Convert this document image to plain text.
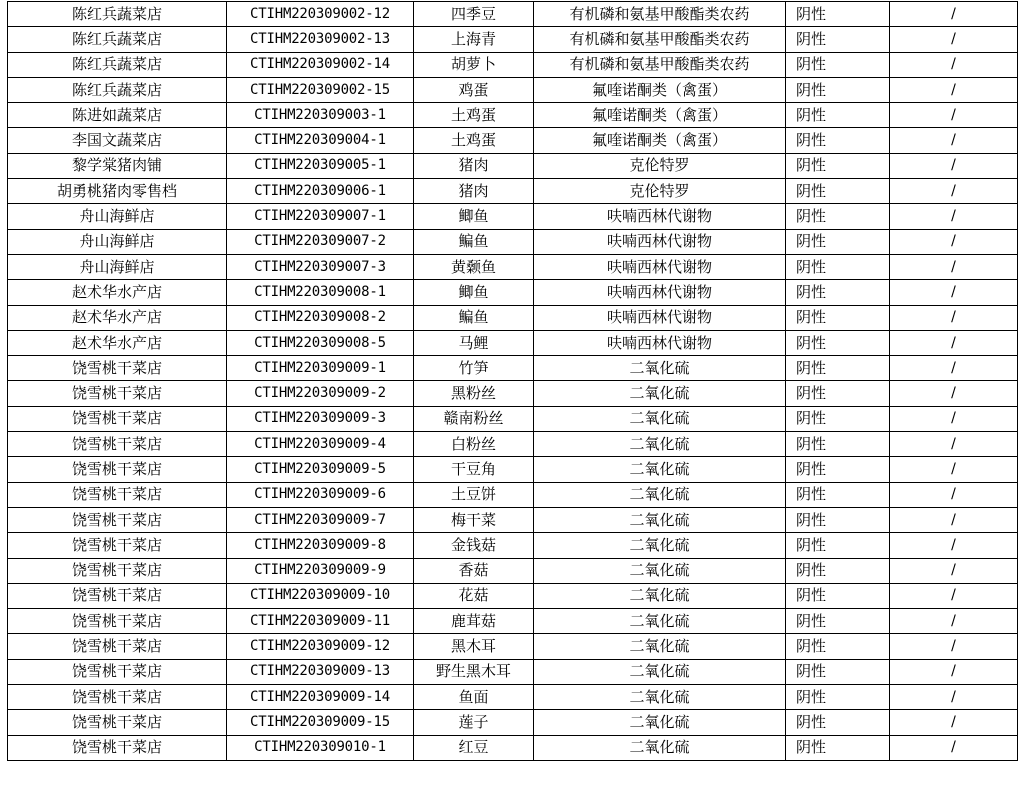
陈红兵蔬菜店	CTIHM220309002-12	四季豆	有机磷和氨基甲酸酯类农药	阴性	/
陈红兵蔬菜店	CTIHM220309002-13	上海青	有机磷和氨基甲酸酯类农药	阴性	/
陈红兵蔬菜店	CTIHM220309002-14	胡萝卜	有机磷和氨基甲酸酯类农药	阴性	/
陈红兵蔬菜店	CTIHM220309002-15	鸡蛋	氟喹诺酮类（禽蛋）	阴性	/
陈进如蔬菜店	CTIHM220309003-1	土鸡蛋	氟喹诺酮类（禽蛋）	阴性	/
李国文蔬菜店	CTIHM220309004-1	土鸡蛋	氟喹诺酮类（禽蛋）	阴性	/
黎学棠猪肉铺	CTIHM220309005-1	猪肉	克伦特罗	阴性	/
胡勇桃猪肉零售档	CTIHM220309006-1	猪肉	克伦特罗	阴性	/
舟山海鲜店	CTIHM220309007-1	鲫鱼	呋喃西林代谢物	阴性	/
舟山海鲜店	CTIHM220309007-2	鳊鱼	呋喃西林代谢物	阴性	/
舟山海鲜店	CTIHM220309007-3	黄颡鱼	呋喃西林代谢物	阴性	/
赵术华水产店	CTIHM220309008-1	鲫鱼	呋喃西林代谢物	阴性	/
赵术华水产店	CTIHM220309008-2	鳊鱼	呋喃西林代谢物	阴性	/
赵术华水产店	CTIHM220309008-5	马鲤	呋喃西林代谢物	阴性	/
饶雪桃干菜店	CTIHM220309009-1	竹笋	二氧化硫	阴性	/
饶雪桃干菜店	CTIHM220309009-2	黑粉丝	二氧化硫	阴性	/
饶雪桃干菜店	CTIHM220309009-3	赣南粉丝	二氧化硫	阴性	/
饶雪桃干菜店	CTIHM220309009-4	白粉丝	二氧化硫	阴性	/
饶雪桃干菜店	CTIHM220309009-5	干豆角	二氧化硫	阴性	/
饶雪桃干菜店	CTIHM220309009-6	土豆饼	二氧化硫	阴性	/
饶雪桃干菜店	CTIHM220309009-7	梅干菜	二氧化硫	阴性	/
饶雪桃干菜店	CTIHM220309009-8	金钱菇	二氧化硫	阴性	/
饶雪桃干菜店	CTIHM220309009-9	香菇	二氧化硫	阴性	/
饶雪桃干菜店	CTIHM220309009-10	花菇	二氧化硫	阴性	/
饶雪桃干菜店	CTIHM220309009-11	鹿茸菇	二氧化硫	阴性	/
饶雪桃干菜店	CTIHM220309009-12	黑木耳	二氧化硫	阴性	/
饶雪桃干菜店	CTIHM220309009-13	野生黑木耳	二氧化硫	阴性	/
饶雪桃干菜店	CTIHM220309009-14	鱼面	二氧化硫	阴性	/
饶雪桃干菜店	CTIHM220309009-15	莲子	二氧化硫	阴性	/
饶雪桃干菜店	CTIHM220309010-1	红豆	二氧化硫	阴性	/
